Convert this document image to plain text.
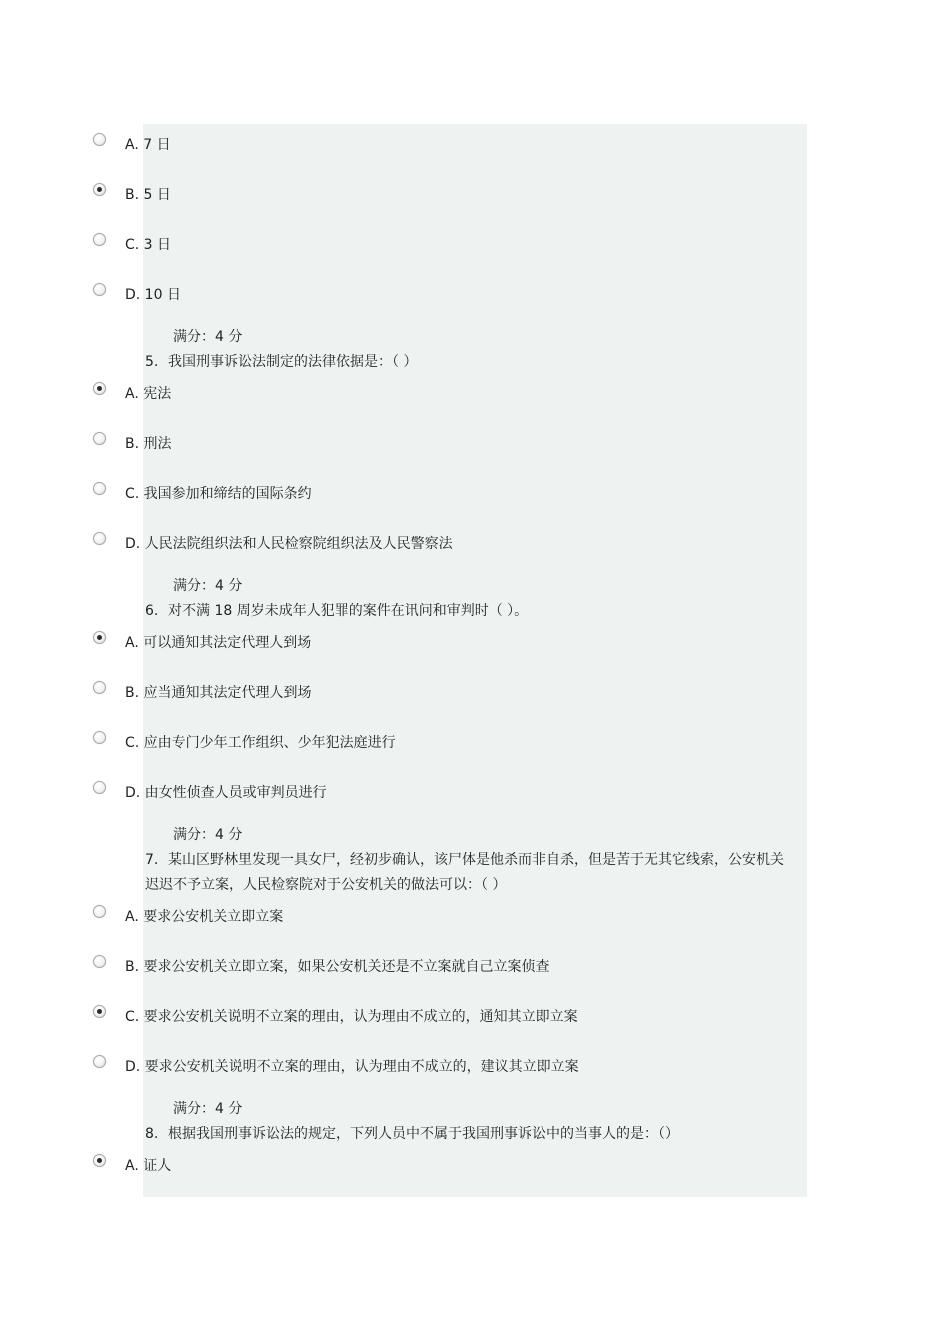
A. 7 日
B. 5 日
C. 3 日
D. 10 日
满分：4 分
5. 我国刑事诉讼法制定的法律依据是：（ ）
A. 宪法
B. 刑法
C. 我国参加和缔结的国际条约
D. 人民法院组织法和人民检察院组织法及人民警察法
满分：4 分
6. 对不满 18 周岁未成年人犯罪的案件在讯问和审判时（ ）。
A. 可以通知其法定代理人到场
B. 应当通知其法定代理人到场
C. 应由专门少年工作组织、少年犯法庭进行
D. 由女性侦查人员或审判员进行
满分：4 分
7. 某山区野林里发现一具女尸，经初步确认，该尸体是他杀而非自杀，但是苦于无其它线索，公安机关迟迟不予立案，人民检察院对于公安机关的做法可以：（ ）
A. 要求公安机关立即立案
B. 要求公安机关立即立案，如果公安机关还是不立案就自己立案侦查
C. 要求公安机关说明不立案的理由，认为理由不成立的，通知其立即立案
D. 要求公安机关说明不立案的理由，认为理由不成立的，建议其立即立案
满分：4 分
8. 根据我国刑事诉讼法的规定，下列人员中不属于我国刑事诉讼中的当事人的是：（）
A. 证人
